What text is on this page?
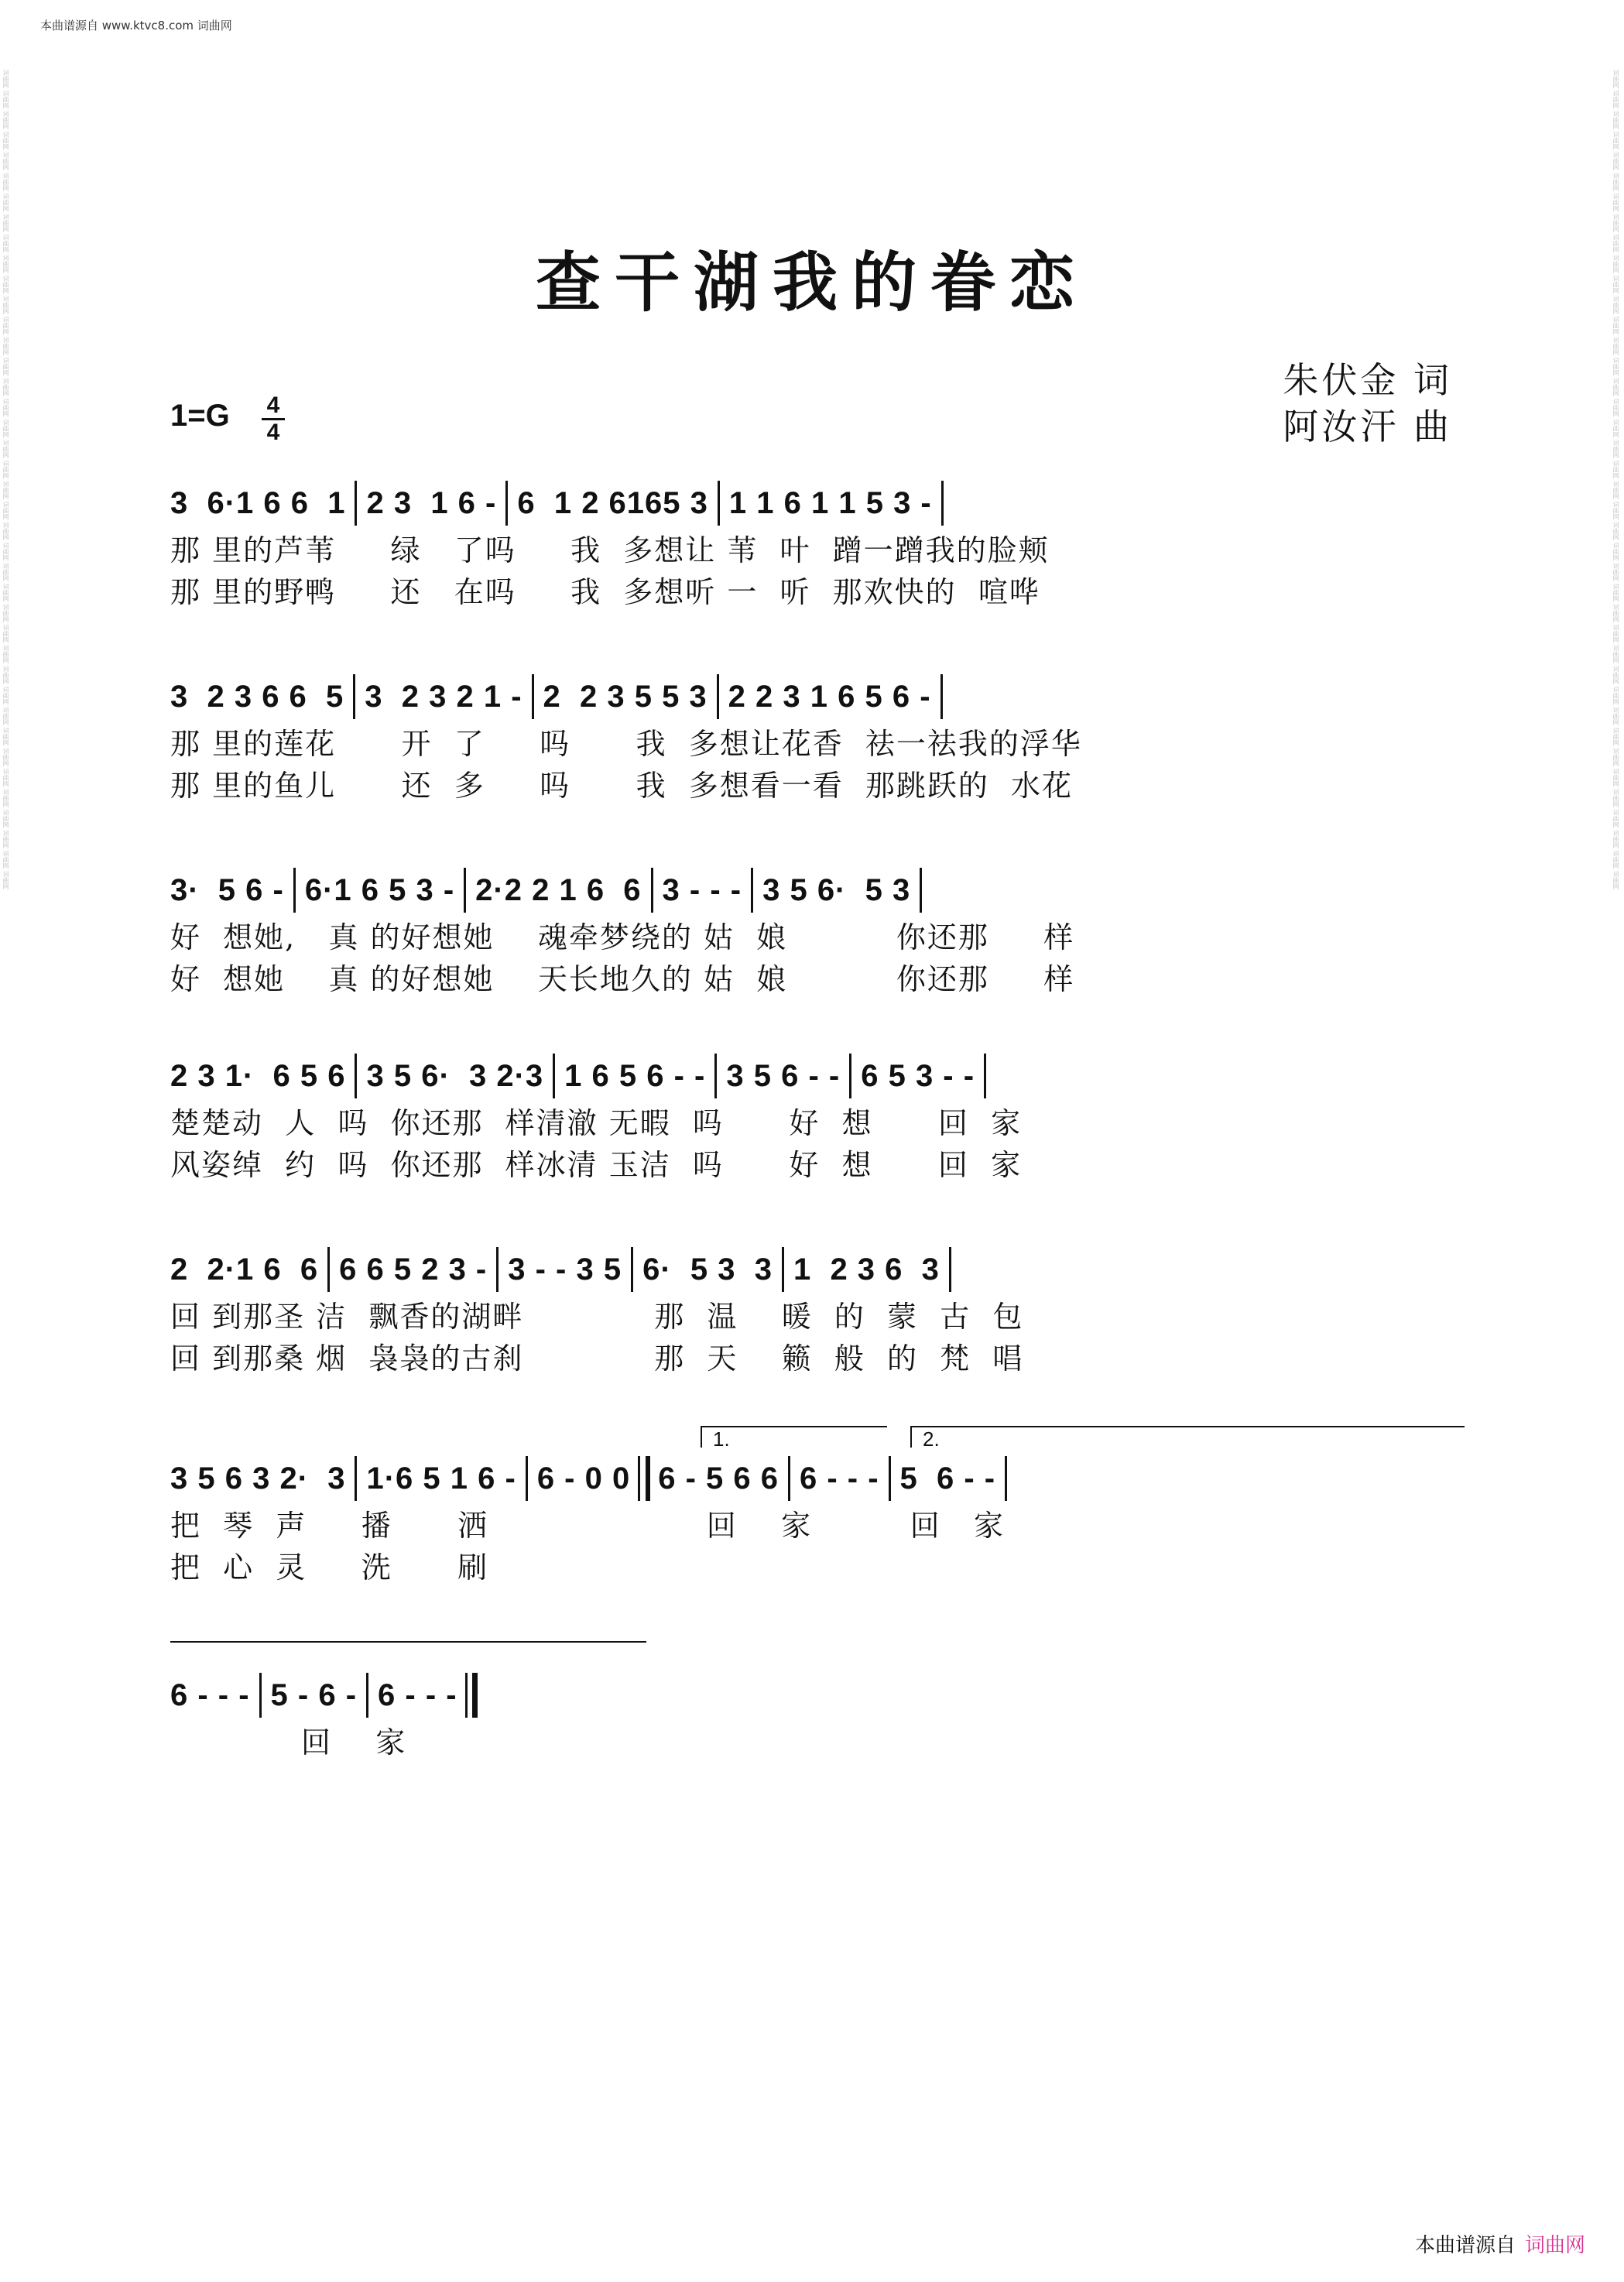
本曲谱源自 www.ktvc8.com 词曲网
词曲网 词曲网 词曲网 词曲网 词曲网 词曲网 词曲网 词曲网 词曲网 词曲网 词曲网 词曲网 词曲网 词曲网 词曲网 词曲网 词曲网 词曲网 词曲网 词曲网 词曲网 词曲网 词曲网 词曲网 词曲网 词曲网 词曲网 词曲网 词曲网 词曲网 词曲网 词曲网 词曲网 词曲网 词曲网 词曲网 词曲网 词曲网 词曲网 词曲网	词曲网 词曲网 词曲网 词曲网 词曲网 词曲网 词曲网 词曲网 词曲网 词曲网 词曲网 词曲网 词曲网 词曲网 词曲网 词曲网 词曲网 词曲网 词曲网 词曲网 词曲网 词曲网 词曲网 词曲网 词曲网 词曲网 词曲网 词曲网 词曲网 词曲网 词曲网 词曲网 词曲网 词曲网 词曲网 词曲网 词曲网 词曲网 词曲网 词曲网
查干湖我的眷恋
朱伏金 词
阿汝汗 曲
1=G 4
4
3  6·1 6 6  1 2 3  1 6 - 6  1 2 6165 3 1 1 6 1 1 5 3 -
那 里的芦苇     绿   了吗     我  多想让 苇  叶  蹭一蹭我的脸颊
那 里的野鸭     还   在吗     我  多想听 一  听  那欢快的  喧哗
3  2 3 6 6  5 3  2 3 2 1 - 2  2 3 5 5 3 2 2 3 1 6 5 6 -
那 里的莲花      开  了     吗      我  多想让花香  祛一祛我的浮华
那 里的鱼儿      还  多     吗      我  多想看一看  那跳跃的  水花
3·  5 6 - 6·1 6 5 3 - 2·2 2 1 6  6 3 - - - 3 5 6·  5 3
好  想她,   真 的好想她    魂牵梦绕的 姑  娘          你还那     样
好  想她    真 的好想她    天长地久的 姑  娘          你还那     样
2 3 1·  6 5 6 3 5 6·  3 2·3 1 6 5 6 - - 3 5 6 - - 6 5 3 - -
楚楚动  人  吗  你还那  样清澈 无暇  吗      好  想      回  家
风姿绰  约  吗  你还那  样冰清 玉洁  吗      好  想      回  家
2  2·1 6  6 6 6 5 2 3 - 3 - - 3 5 6·  5 3  3 1  2 3 6  3
回 到那圣 洁  飘香的湖畔            那  温    暖  的  蒙  古  包
回 到那桑 烟  袅袅的古刹            那  天    籁  般  的  梵  唱
1.	2.
3 5 6 3 2·  3 1·6 5 1 6 - 6 - 0 0 6 - 5 6 6 6 - - - 5  6 - -
把  琴  声     播      洒                    回    家         回   家
把  心  灵     洗      刷
6 - - - 5 - 6 - 6 - - -
回    家
本曲谱源自 词曲网
